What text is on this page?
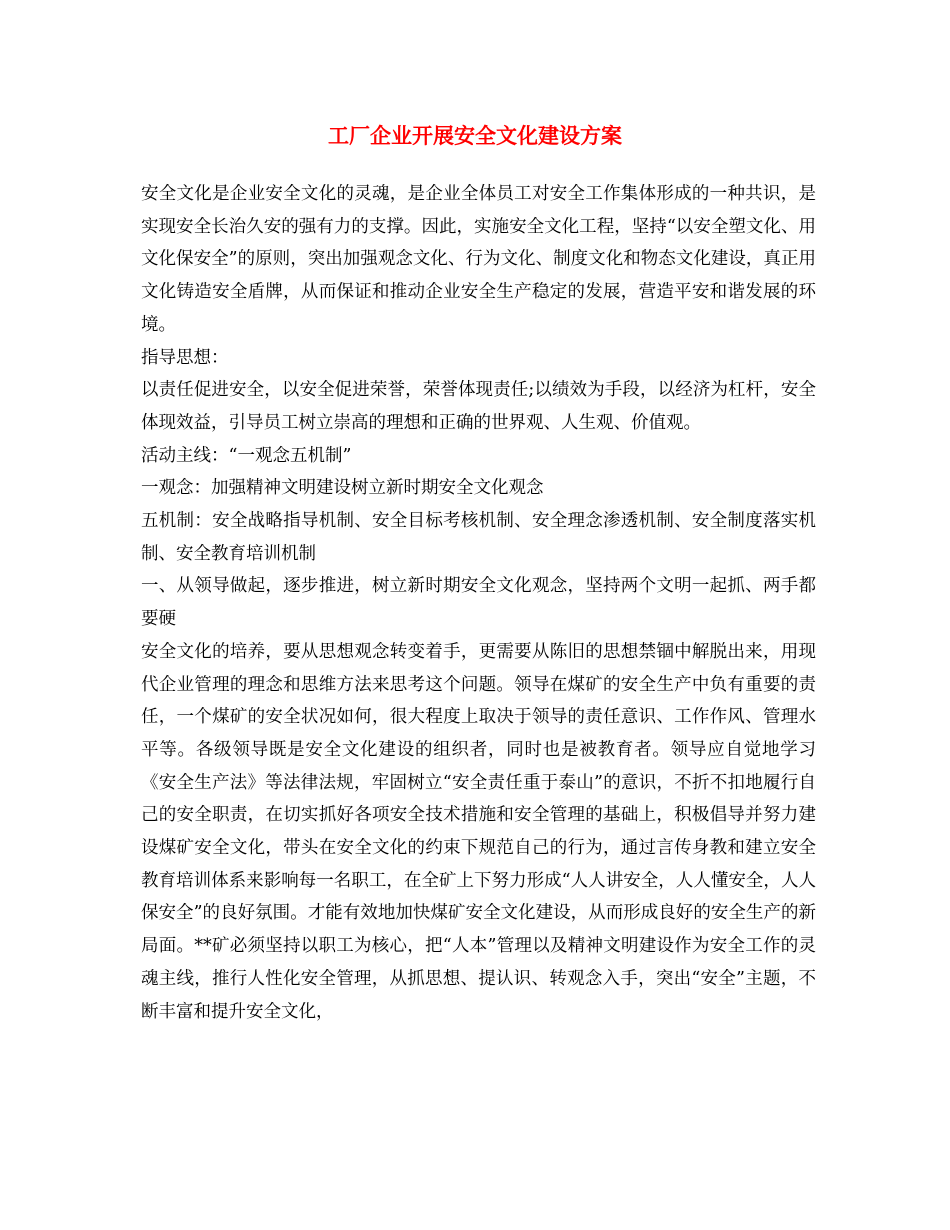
工厂企业开展安全文化建设方案

安全文化是企业安全文化的灵魂，是企业全体员工对安全工作集体形成的一种共识，是实现安全长治久安的强有力的支撑。因此，实施安全文化工程，坚持“以安全塑文化、用文化保安全”的原则，突出加强观念文化、行为文化、制度文化和物态文化建设，真正用文化铸造安全盾牌，从而保证和推动企业安全生产稳定的发展，营造平安和谐发展的环境。

指导思想：

以责任促进安全，以安全促进荣誉，荣誉体现责任;以绩效为手段，以经济为杠杆，安全体现效益，引导员工树立崇高的理想和正确的世界观、人生观、价值观。

活动主线：“一观念五机制”

一观念：加强精神文明建设树立新时期安全文化观念

五机制：安全战略指导机制、安全目标考核机制、安全理念渗透机制、安全制度落实机制、安全教育培训机制

一、从领导做起，逐步推进，树立新时期安全文化观念，坚持两个文明一起抓、两手都要硬

安全文化的培养，要从思想观念转变着手，更需要从陈旧的思想禁锢中解脱出来，用现代企业管理的理念和思维方法来思考这个问题。领导在煤矿的安全生产中负有重要的责任，一个煤矿的安全状况如何，很大程度上取决于领导的责任意识、工作作风、管理水平等。各级领导既是安全文化建设的组织者，同时也是被教育者。领导应自觉地学习《安全生产法》等法律法规，牢固树立“安全责任重于泰山”的意识，不折不扣地履行自己的安全职责，在切实抓好各项安全技术措施和安全管理的基础上，积极倡导并努力建设煤矿安全文化，带头在安全文化的约束下规范自己的行为，通过言传身教和建立安全教育培训体系来影响每一名职工，在全矿上下努力形成“人人讲安全，人人懂安全，人人保安全”的良好氛围。才能有效地加快煤矿安全文化建设，从而形成良好的安全生产的新局面。**矿必须坚持以职工为核心，把“人本”管理以及精神文明建设作为安全工作的灵魂主线，推行人性化安全管理，从抓思想、提认识、转观念入手，突出“安全”主题，不断丰富和提升安全文化，
